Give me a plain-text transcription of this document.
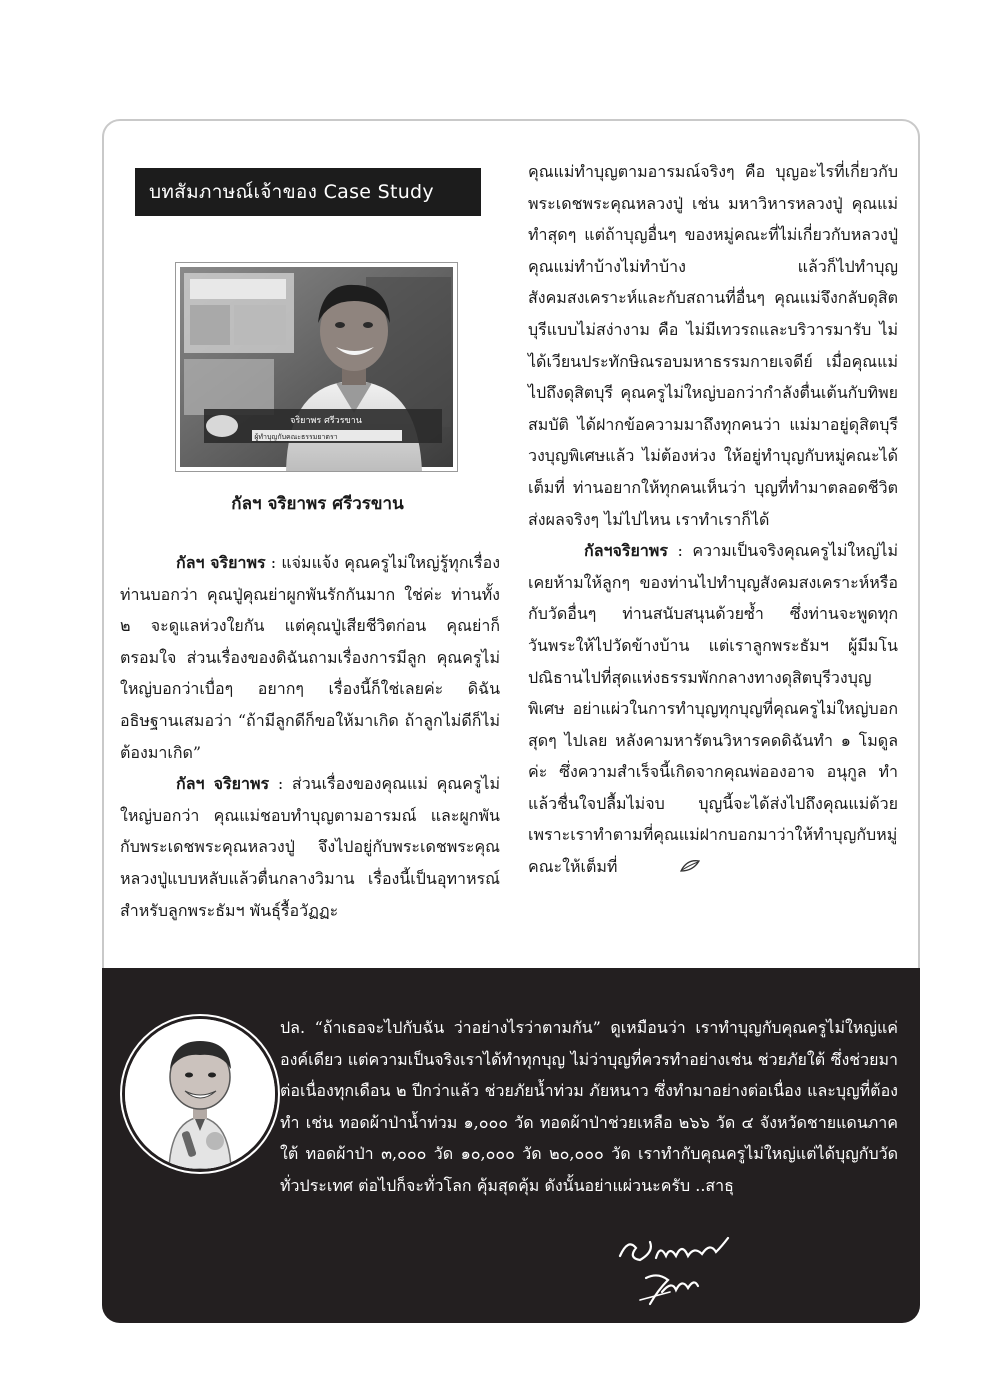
บทสัมภาษณ์เจ้าของ Case Study
จริยาพร ศรีวรขาน
ผู้ทำบุญกับคณะธรรมยาตรา
กัลฯ จริยาพร ศรีวรขาน

กัลฯ จริยาพร : แจ่มแจ้ง คุณครูไม่ใหญ่รู้ทุกเรื่อง ท่านบอกว่า คุณปู่คุณย่าผูกพันรักกันมาก ใช่ค่ะ ท่านทั้ง ๒ จะดูแลห่วงใยกัน แต่คุณปู่เสียชีวิตก่อน คุณย่าก็ตรอมใจ ส่วนเรื่องของดิฉันถามเรื่องการมีลูก คุณครูไม่ใหญ่บอกว่าเบื่อๆ อยากๆ เรื่องนี้ก็ใช่เลยค่ะ ดิฉันอธิษฐานเสมอว่า “ถ้ามีลูกดีก็ขอให้มาเกิด ถ้าลูกไม่ดีก็ไม่ต้องมาเกิด”

กัลฯ จริยาพร : ส่วนเรื่องของคุณแม่ คุณครูไม่ใหญ่บอกว่า คุณแม่ชอบทำบุญตามอารมณ์ และผูกพันกับพระเดชพระคุณหลวงปู่ จึงไปอยู่กับพระเดชพระคุณหลวงปู่แบบหลับแล้วตื่นกลางวิมาน เรื่องนี้เป็นอุทาหรณ์สำหรับลูกพระธัมฯ พันธุ์รื้อวัฏฏะ

คุณแม่ทำบุญตามอารมณ์จริงๆ คือ บุญอะไรที่เกี่ยวกับพระเดชพระคุณหลวงปู่ เช่น มหาวิหารหลวงปู่ คุณแม่ทำสุดๆ แต่ถ้าบุญอื่นๆ ของหมู่คณะที่ไม่เกี่ยวกับหลวงปู่คุณแม่ทำบ้างไม่ทำบ้าง แล้วก็ไปทำบุญสังคมสงเคราะห์และกับสถานที่อื่นๆ คุณแม่จึงกลับดุสิตบุรีแบบไม่สง่างาม คือ ไม่มีเทวรถและบริวารมารับ ไม่ได้เวียนประทักษิณรอบมหาธรรมกายเจดีย์ เมื่อคุณแม่ไปถึงดุสิตบุรี คุณครูไม่ใหญ่บอกว่ากำลังตื่นเต้นกับทิพยสมบัติ ได้ฝากข้อความมาถึงทุกคนว่า แม่มาอยู่ดุสิตบุรี วงบุญพิเศษแล้ว ไม่ต้องห่วง ให้อยู่ทำบุญกับหมู่คณะได้เต็มที่ ท่านอยากให้ทุกคนเห็นว่า บุญที่ทำมาตลอดชีวิตส่งผลจริงๆ ไม่ไปไหน เราทำเราก็ได้

กัลฯจริยาพร : ความเป็นจริงคุณครูไม่ใหญ่ไม่เคยห้ามให้ลูกๆ ของท่านไปทำบุญสังคมสงเคราะห์หรือกับวัดอื่นๆ ท่านสนับสนุนด้วยซ้ำ ซึ่งท่านจะพูดทุกวันพระให้ไปวัดข้างบ้าน แต่เราลูกพระธัมฯ ผู้มีมโนปณิธานไปที่สุดแห่งธรรมพักกลางทางดุสิตบุรีวงบุญพิเศษ อย่าแผ่วในการทำบุญทุกบุญที่คุณครูไม่ใหญ่บอก สุดๆ ไปเลย หลังคามหารัตนวิหารคดดิฉันทำ ๑ โมดูลค่ะ ซึ่งความสำเร็จนี้เกิดจากคุณพ่อองอาจ อนุกูล ทำแล้วชื่นใจปลื้มไม่จบ บุญนี้จะได้ส่งไปถึงคุณแม่ด้วย เพราะเราทำตามที่คุณแม่ฝากบอกมาว่าให้ทำบุญกับหมู่คณะให้เต็มที่

ปล. “ถ้าเธอจะไปกับฉัน ว่าอย่างไรว่าตามกัน” ดูเหมือนว่า เราทำบุญกับคุณครูไม่ใหญ่แค่องค์เดียว แต่ความเป็นจริงเราได้ทำทุกบุญ ไม่ว่าบุญที่ควรทำอย่างเช่น ช่วยภัยใต้ ซึ่งช่วยมาต่อเนื่องทุกเดือน ๒ ปีกว่าแล้ว ช่วยภัยน้ำท่วม ภัยหนาว ซึ่งทำมาอย่างต่อเนื่อง และบุญที่ต้องทำ เช่น ทอดผ้าป่าน้ำท่วม ๑,๐๐๐ วัด ทอดผ้าป่าช่วยเหลือ ๒๖๖ วัด ๔ จังหวัดชายแดนภาคใต้ ทอดผ้าป่า ๓,๐๐๐ วัด ๑๐,๐๐๐ วัด ๒๐,๐๐๐ วัด เราทำกับคุณครูไม่ใหญ่แต่ได้บุญกับวัดทั่วประเทศ ต่อไปก็จะทั่วโลก คุ้มสุดคุ้ม ดังนั้นอย่าแผ่วนะครับ ..สาธุ
